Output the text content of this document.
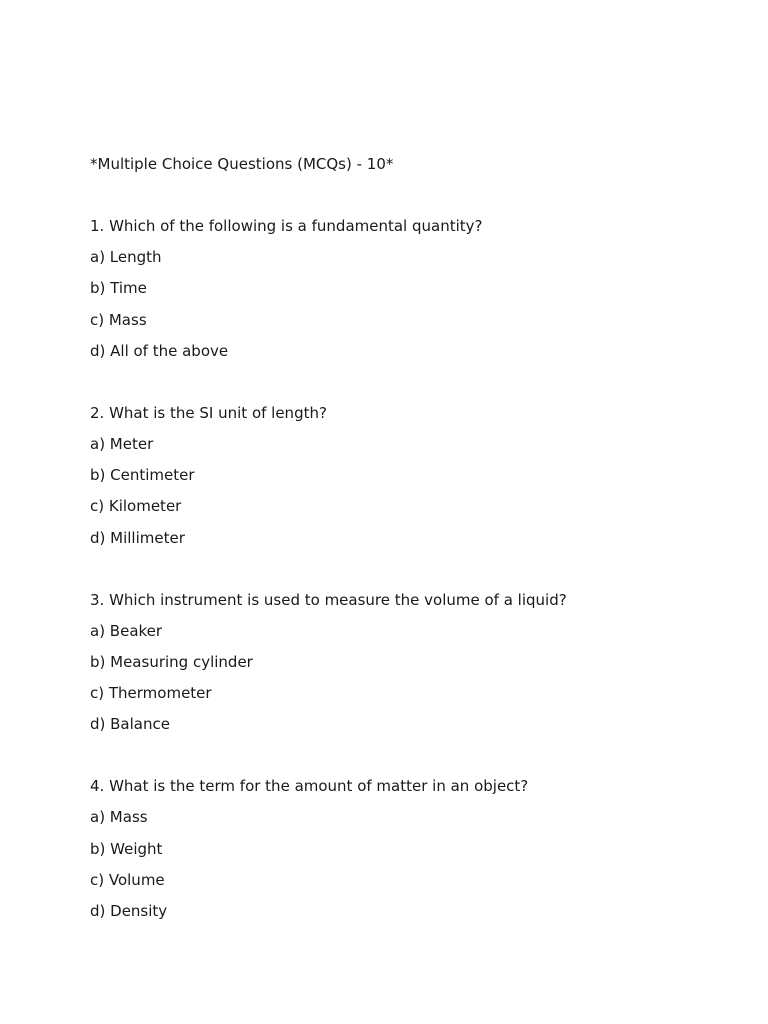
*Multiple Choice Questions (MCQs) - 10*
1. Which of the following is a fundamental quantity?
a) Length
b) Time
c) Mass
d) All of the above
2. What is the SI unit of length?
a) Meter
b) Centimeter
c) Kilometer
d) Millimeter
3. Which instrument is used to measure the volume of a liquid?
a) Beaker
b) Measuring cylinder
c) Thermometer
d) Balance
4. What is the term for the amount of matter in an object?
a) Mass
b) Weight
c) Volume
d) Density
